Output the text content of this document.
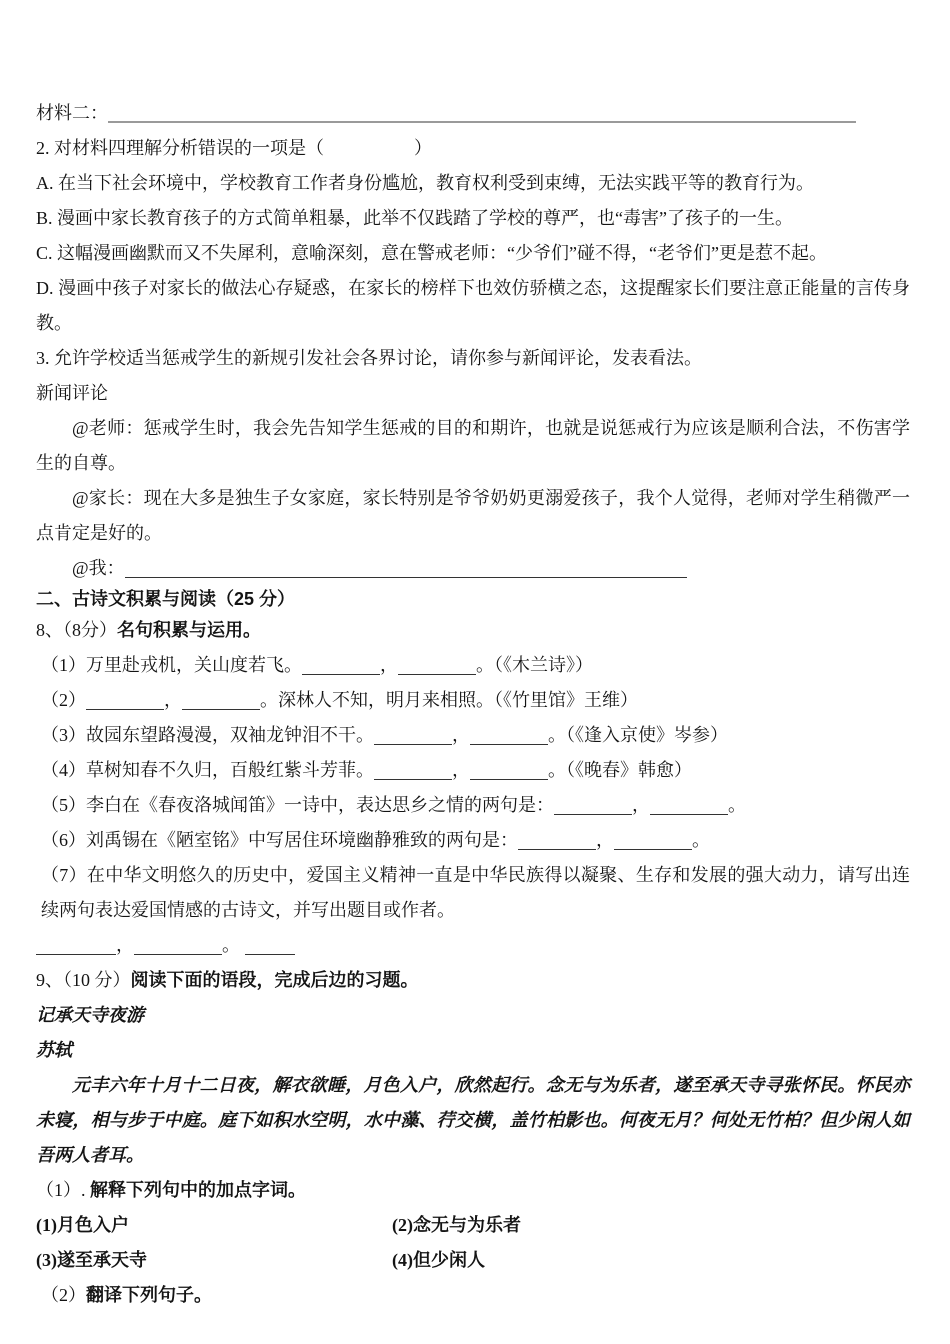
材料二：

2. 对材料四理解分析错误的一项是（　　　　　）

A. 在当下社会环境中，学校教育工作者身份尴尬，教育权利受到束缚，无法实践平等的教育行为。

B. 漫画中家长教育孩子的方式简单粗暴，此举不仅践踏了学校的尊严，也“毒害”了孩子的一生。

C. 这幅漫画幽默而又不失犀利，意喻深刻，意在警戒老师：“少爷们”碰不得，“老爷们”更是惹不起。

D. 漫画中孩子对家长的做法心存疑惑，在家长的榜样下也效仿骄横之态，这提醒家长们要注意正能量的言传身教。

3. 允许学校适当惩戒学生的新规引发社会各界讨论，请你参与新闻评论，发表看法。

新闻评论

@老师：惩戒学生时，我会先告知学生惩戒的目的和期许，也就是说惩戒行为应该是顺利合法，不伤害学生的自尊。

@家长：现在大多是独生子女家庭，家长特别是爷爷奶奶更溺爱孩子，我个人觉得，老师对学生稍微严一点肯定是好的。

@我：

二、古诗文积累与阅读（25 分）

8、（8分）名句积累与运用。

（1）万里赴戎机，关山度若飞。	，	。（《木兰诗》）

（2）	，	。深林人不知，明月来相照。（《竹里馆》王维）

（3）故园东望路漫漫，双袖龙钟泪不干。	，	。（《逢入京使》岑参）

（4）草树知春不久归，百般红紫斗芳菲。	，	。（《晚春》韩愈）

（5）李白在《春夜洛城闻笛》一诗中，表达思乡之情的两句是：	，	。

（6）刘禹锡在《陋室铭》中写居住环境幽静雅致的两句是：	，	。

（7）在中华文明悠久的历史中，爱国主义精神一直是中华民族得以凝聚、生存和发展的强大动力，请写出连续两句表达爱国情感的古诗文，并写出题目或作者。

，	。

9、（10 分）阅读下面的语段，完成后边的习题。

记承天寺夜游

苏轼

元丰六年十月十二日夜，解衣欲睡，月色入户，欣然起行。念无与为乐者，遂至承天寺寻张怀民。怀民亦未寝，相与步于中庭。庭下如积水空明，水中藻、荇交横，盖竹柏影也。何夜无月？何处无竹柏？但少闲人如吾两人者耳。

（1）. 解释下列句中的加点字词。

(1)月色入户	(2)念无与为乐者
(3)遂至承天寺	(4)但少闲人

（2）翻译下列句子。
